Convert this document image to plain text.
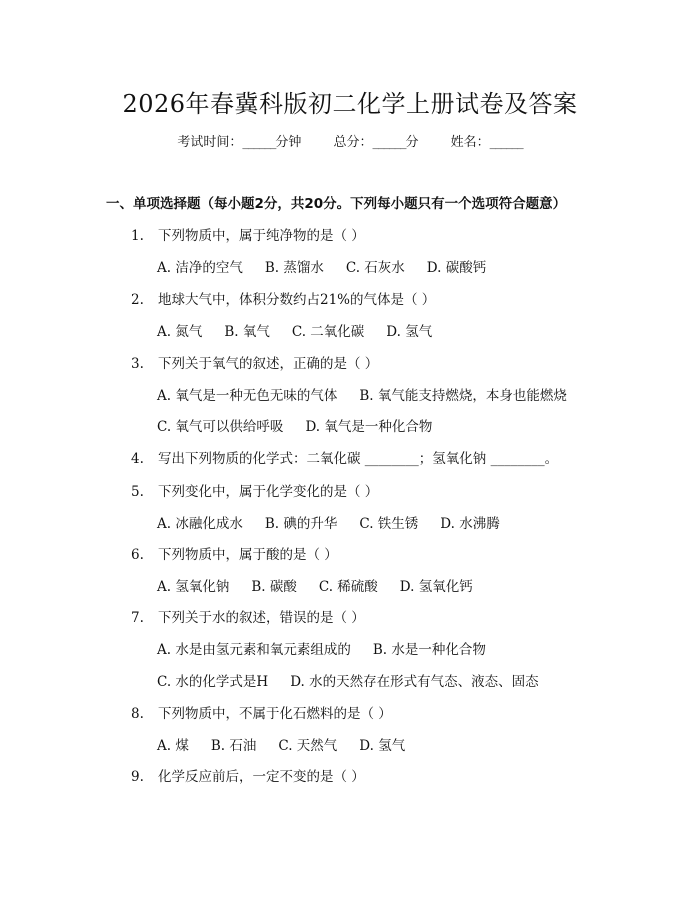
2026年春冀科版初二化学上册试卷及答案
考试时间：______分钟 总分：______分 姓名：______
一、单项选择题（每小题2分，共20分。下列每小题只有一个选项符合题意）
1. 下列物质中，属于纯净物的是（ ）
A. 洁净的空气 B. 蒸馏水 C. 石灰水 D. 碳酸钙
2. 地球大气中，体积分数约占21%的气体是（ ）
A. 氮气 B. 氧气 C. 二氧化碳 D. 氢气
3. 下列关于氧气的叙述，正确的是（ ）
A. 氧气是一种无色无味的气体 B. 氧气能支持燃烧，本身也能燃烧
C. 氧气可以供给呼吸 D. 氧气是一种化合物
4. 写出下列物质的化学式：二氧化碳 ________；氢氧化钠 ________。
5. 下列变化中，属于化学变化的是（ ）
A. 冰融化成水 B. 碘的升华 C. 铁生锈 D. 水沸腾
6. 下列物质中，属于酸的是（ ）
A. 氢氧化钠 B. 碳酸 C. 稀硫酸 D. 氢氧化钙
7. 下列关于水的叙述，错误的是（ ）
A. 水是由氢元素和氧元素组成的 B. 水是一种化合物
C. 水的化学式是H D. 水的天然存在形式有气态、液态、固态
8. 下列物质中，不属于化石燃料的是（ ）
A. 煤 B. 石油 C. 天然气 D. 氢气
9. 化学反应前后，一定不变的是（ ）
